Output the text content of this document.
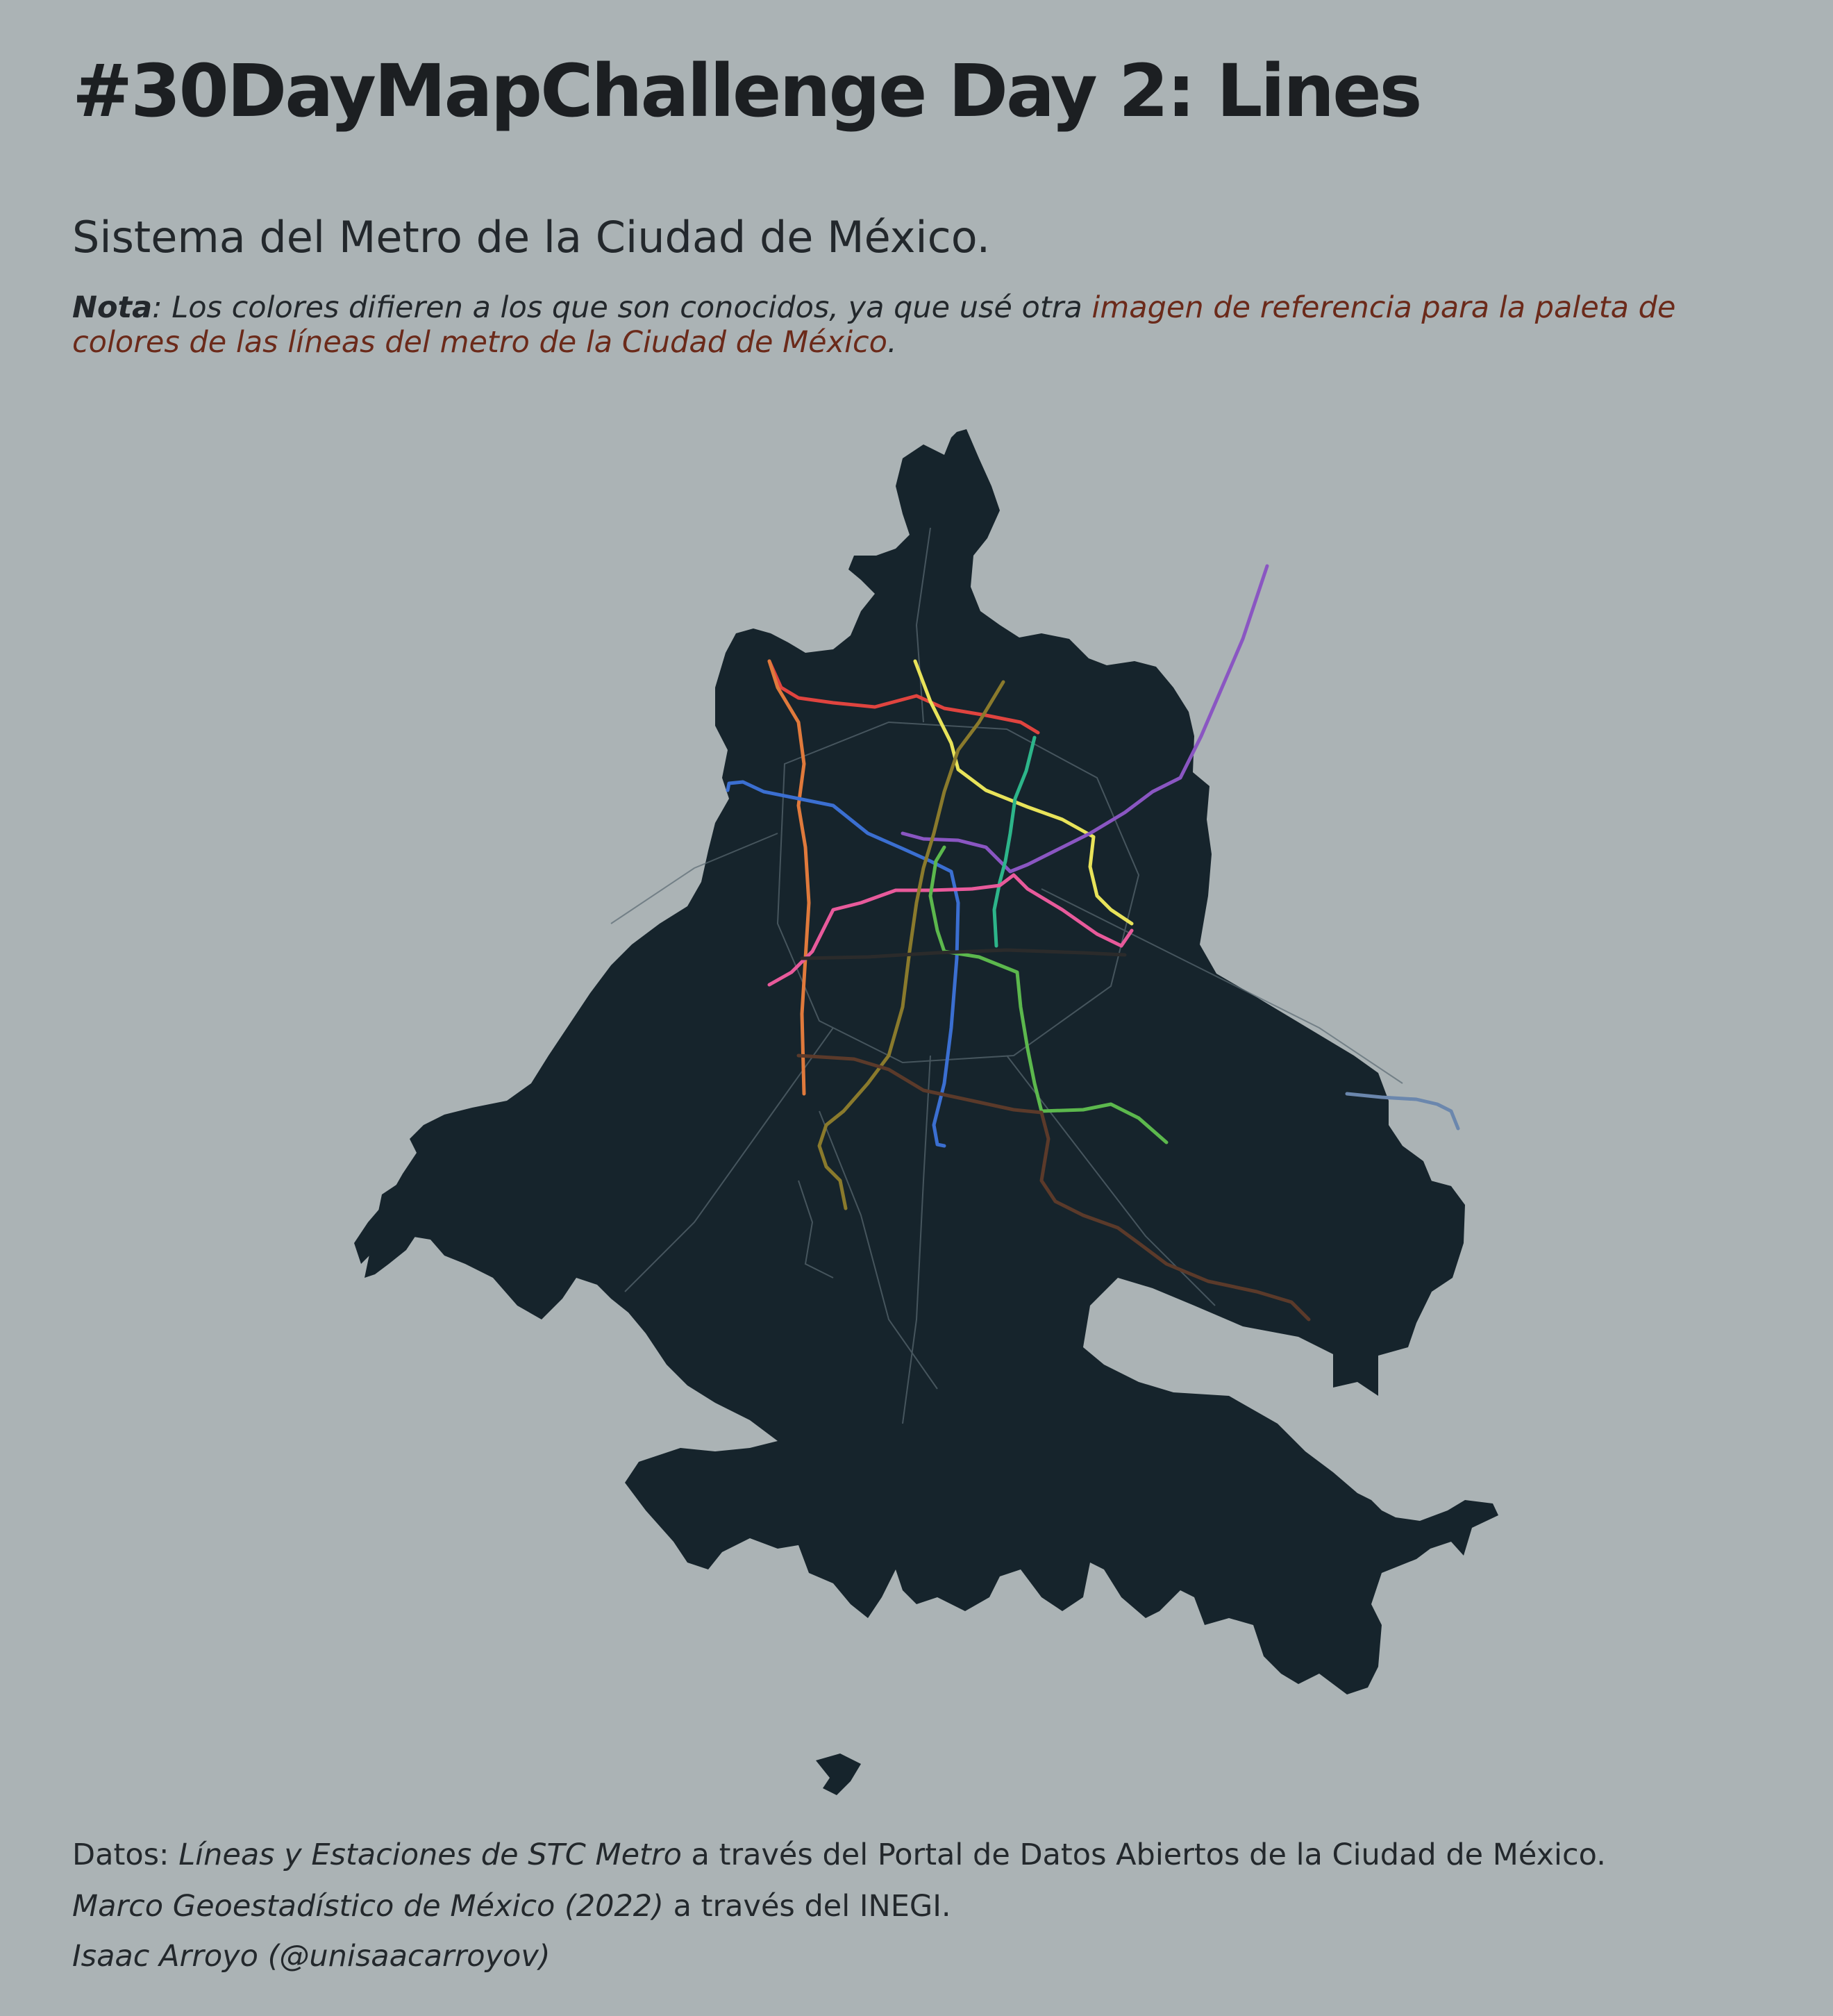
#30DayMapChallenge Day 2: Lines

Sistema del Metro de la Ciudad de México.

Nota: Los colores difieren a los que son conocidos, ya que usé otra imagen de referencia para la paleta de colores de las líneas del metro de la Ciudad de México.

Datos: Líneas y Estaciones de STC Metro a través del Portal de Datos Abiertos de la Ciudad de México.

Marco Geoestadístico de México (2022) a través del INEGI.

Isaac Arroyo (@unisaacarroyov)
